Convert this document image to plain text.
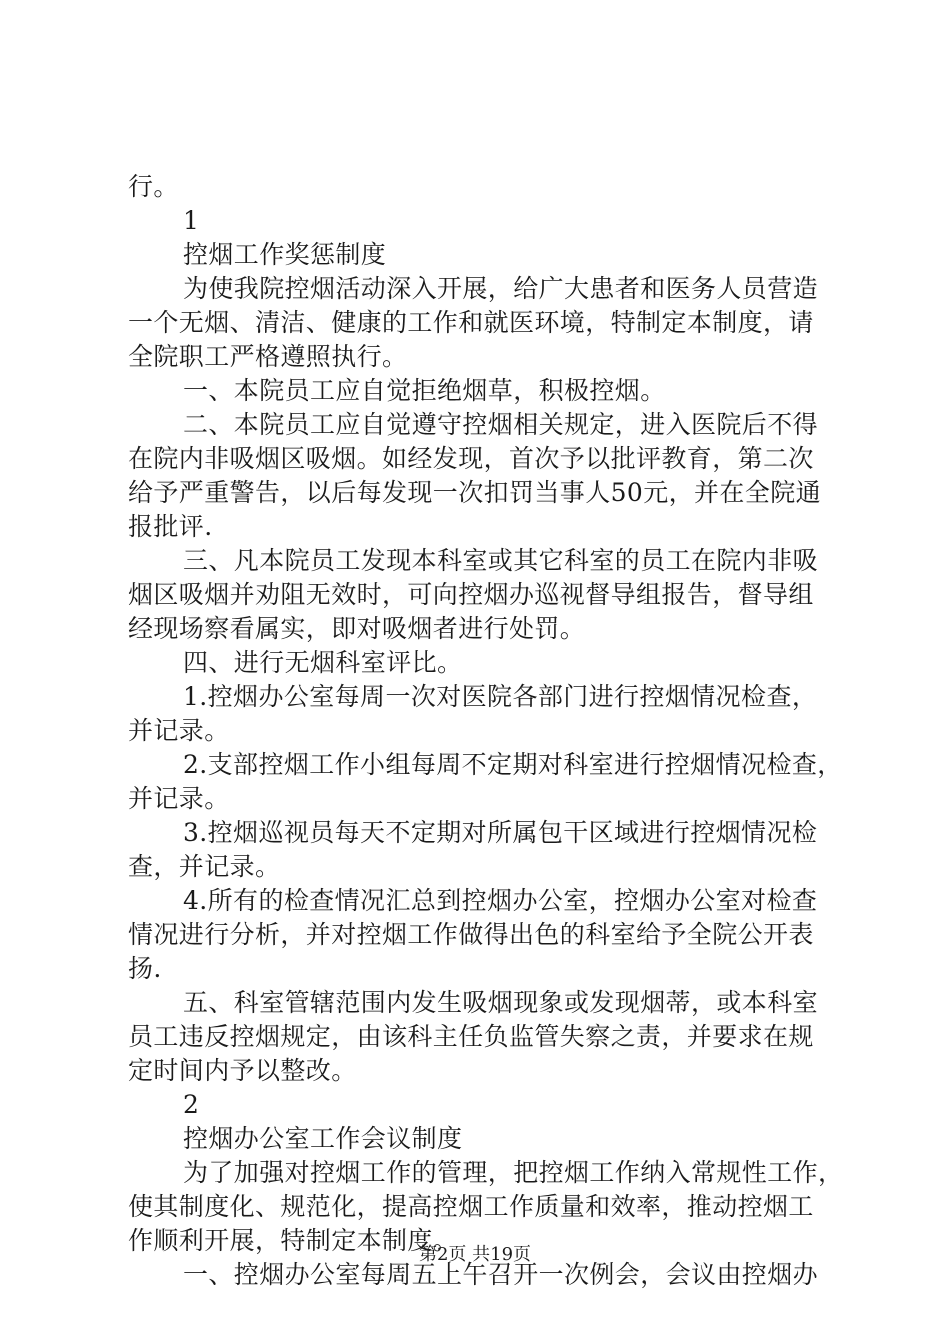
行。
1
控烟工作奖惩制度
为使我院控烟活动深入开展，给广大患者和医务人员营造
一个无烟、清洁、健康的工作和就医环境，特制定本制度，请
全院职工严格遵照执行。
一、本院员工应自觉拒绝烟草，积极控烟。
二、本院员工应自觉遵守控烟相关规定，进入医院后不得
在院内非吸烟区吸烟。如经发现，首次予以批评教育，第二次
给予严重警告，以后每发现一次扣罚当事人50元，并在全院通
报批评.
三、凡本院员工发现本科室或其它科室的员工在院内非吸
烟区吸烟并劝阻无效时，可向控烟办巡视督导组报告，督导组
经现场察看属实，即对吸烟者进行处罚。
四、进行无烟科室评比。
1.控烟办公室每周一次对医院各部门进行控烟情况检查，
并记录。
2.支部控烟工作小组每周不定期对科室进行控烟情况检查，
并记录。
3.控烟巡视员每天不定期对所属包干区域进行控烟情况检
查，并记录。
4.所有的检查情况汇总到控烟办公室，控烟办公室对检查
情况进行分析，并对控烟工作做得出色的科室给予全院公开表
扬.
五、科室管辖范围内发生吸烟现象或发现烟蒂，或本科室
员工违反控烟规定，由该科主任负监管失察之责，并要求在规
定时间内予以整改。
2
控烟办公室工作会议制度
为了加强对控烟工作的管理，把控烟工作纳入常规性工作，
使其制度化、规范化，提高控烟工作质量和效率，推动控烟工
作顺利开展，特制定本制度。
一、控烟办公室每周五上午召开一次例会，会议由控烟办
第2页 共19页
